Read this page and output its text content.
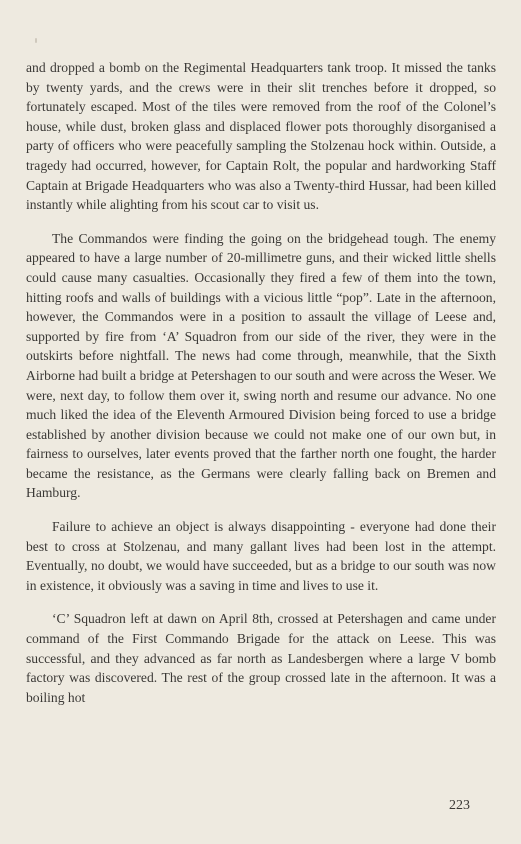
and dropped a bomb on the Regimental Headquarters tank troop. It missed the tanks by twenty yards, and the crews were in their slit trenches before it dropped, so fortunately escaped. Most of the tiles were removed from the roof of the Colonel’s house, while dust, broken glass and displaced flower pots thoroughly disorganised a party of officers who were peacefully sampling the Stolzenau hock within. Outside, a tragedy had occurred, however, for Captain Rolt, the popular and hardworking Staff Captain at Brigade Headquarters who was also a Twenty-third Hussar, had been killed instantly while alighting from his scout car to visit us.

The Commandos were finding the going on the bridgehead tough. The enemy appeared to have a large number of 20-millimetre guns, and their wicked little shells could cause many casualties. Occasionally they fired a few of them into the town, hitting roofs and walls of buildings with a vicious little “pop”. Late in the afternoon, however, the Commandos were in a position to assault the village of Leese and, supported by fire from ‘A’ Squadron from our side of the river, they were in the outskirts before nightfall. The news had come through, meanwhile, that the Sixth Airborne had built a bridge at Petershagen to our south and were across the Weser. We were, next day, to follow them over it, swing north and resume our advance. No one much liked the idea of the Eleventh Armoured Division being forced to use a bridge established by another division because we could not make one of our own but, in fairness to ourselves, later events proved that the farther north one fought, the harder became the resistance, as the Germans were clearly falling back on Bremen and Hamburg.

Failure to achieve an object is always disappointing - everyone had done their best to cross at Stolzenau, and many gallant lives had been lost in the attempt. Eventually, no doubt, we would have succeeded, but as a bridge to our south was now in existence, it obviously was a saving in time and lives to use it.

‘C’ Squadron left at dawn on April 8th, crossed at Petershagen and came under command of the First Commando Brigade for the attack on Leese. This was successful, and they advanced as far north as Landesbergen where a large V bomb factory was discovered. The rest of the group crossed late in the afternoon. It was a boiling hot

223
